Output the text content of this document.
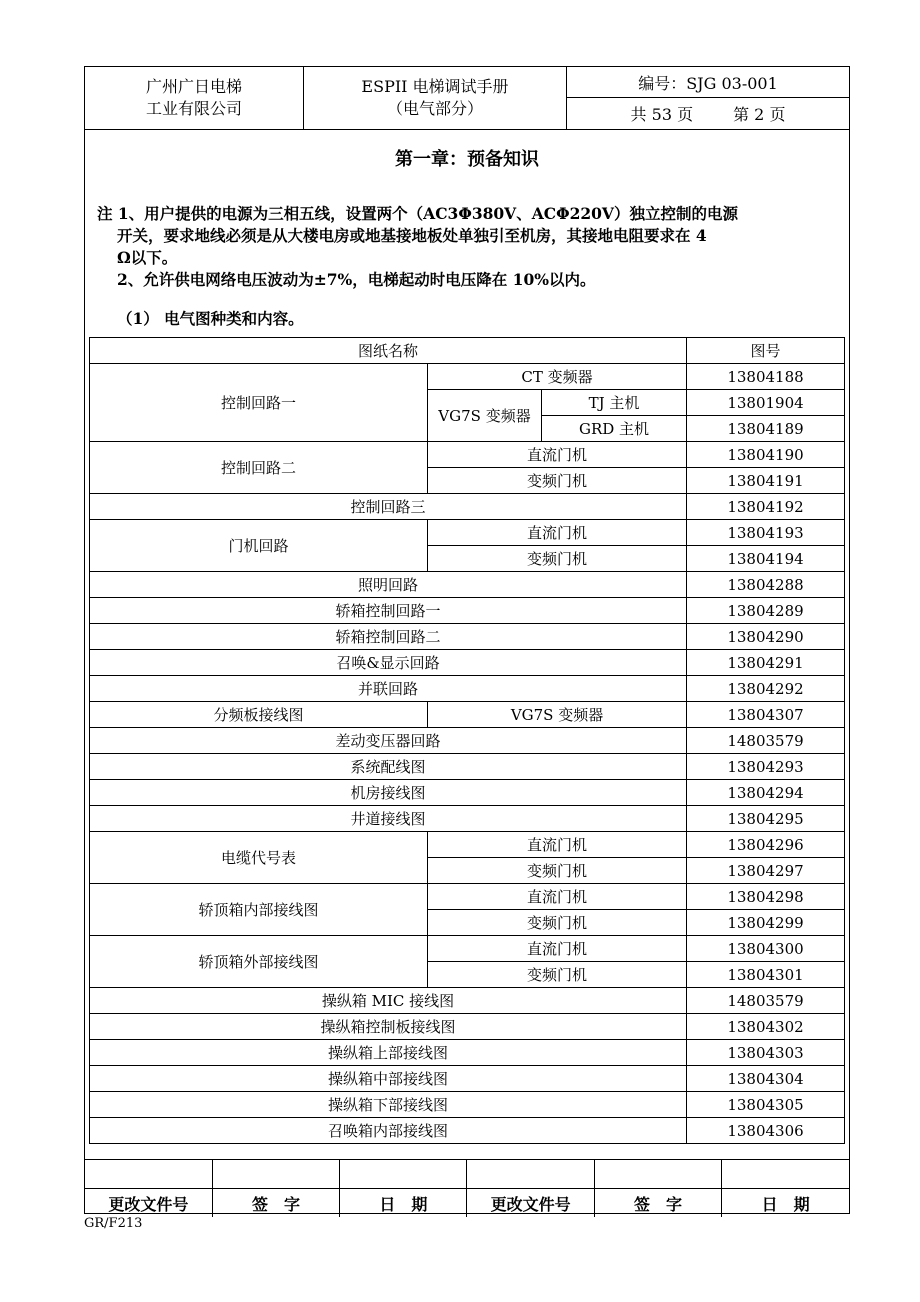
广州广日电梯
工业有限公司
ESPII 电梯调试手册
（电气部分）
编号：SJG 03-001
共 53 页	第 2 页
第一章：预备知识
注 1、用户提供的电源为三相五线，设置两个（AC3Φ380V、ACΦ220V）独立控制的电源
开关，要求地线必须是从大楼电房或地基接地板处单独引至机房，其接地电阻要求在 4
Ω以下。
2、允许供电网络电压波动为±7%，电梯起动时电压降在 10%以内。
（1） 电气图种类和内容。
图纸名称			图号
控制回路一	CT 变频器		13804188
	VG7S 变频器	TJ 主机	13801904
		GRD 主机	13804189
控制回路二	直流门机		13804190
	变频门机		13804191
控制回路三			13804192
门机回路	直流门机		13804193
	变频门机		13804194
照明回路			13804288
轿箱控制回路一			13804289
轿箱控制回路二			13804290
召唤&显示回路			13804291
并联回路			13804292
分频板接线图	VG7S 变频器		13804307
差动变压器回路			14803579
系统配线图			13804293
机房接线图			13804294
井道接线图			13804295
电缆代号表	直流门机		13804296
	变频门机		13804297
轿顶箱内部接线图	直流门机		13804298
	变频门机		13804299
轿顶箱外部接线图	直流门机		13804300
	变频门机		13804301
操纵箱 MIC 接线图			14803579
操纵箱控制板接线图			13804302
操纵箱上部接线图			13804303
操纵箱中部接线图			13804304
操纵箱下部接线图			13804305
召唤箱内部接线图			13804306

更改文件号	签　字	日　期	更改文件号	签　字	日　期
GR/F213
